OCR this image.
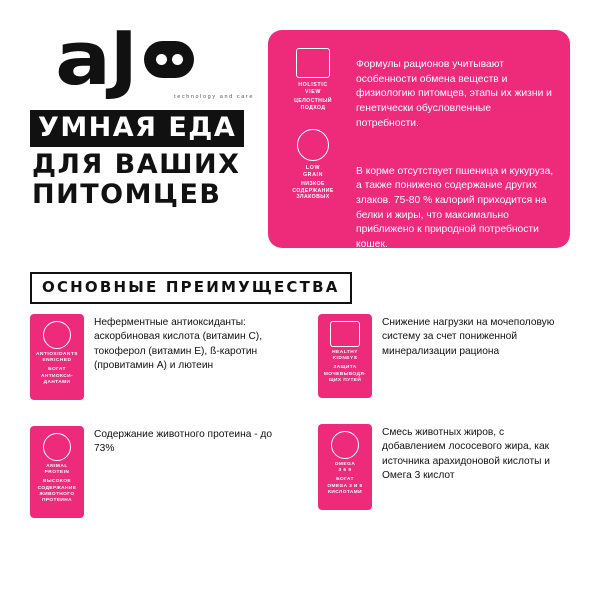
a J	technology and care
УМНАЯ ЕДА
ДЛЯ ВАШИХ
ПИТОМЦЕВ
HOLISTIC
VIEW
ЦЕЛОСТНЫЙ
ПОДХОД
LOW
GRAIN
НИЗКОЕ
СОДЕРЖАНИЕ
ЗЛАКОВЫХ

Формулы рационов учитывают особенности обмена веществ и физиологию питомцев, этапы их жизни и генетически обусловленные потребности.

В корме отсутствует пшеница и кукуруза, а также понижено содержание других злаков. 75-80 % калорий приходится на белки и жиры, что максимально приближено к природной потребности кошек.

ОСНОВНЫЕ ПРЕИМУЩЕСТВА
ANTIOXIDANTS
ENRICHED
БОГАТ
АНТИОКСИ-
ДАНТАМИ
Неферментные антиоксиданты: аскорбиновая кислота (витамин С), токоферол (витамин Е), ß-каротин (провитамин А) и лютеин
ANIMAL
PROTEIN
ВЫСОКОЕ
СОДЕРЖАНИЕ
ЖИВОТНОГО
ПРОТЕИНА
Содержание животного протеина - до 73%
HEALTHY
KIDNEYS
ЗАЩИТА
МОЧЕВЫВОДЯ-
ЩИХ ПУТЕЙ
Снижение нагрузки на мочеполовую систему за счет пониженной минерализации рациона
OMEGA
3 6 9
БОГАТ
OMEGA 3 И 6
КИСЛОТАМИ
Смесь животных жиров, с добавлением лососевого жира, как источника арахидоновой кислоты и Омега 3 кислот
